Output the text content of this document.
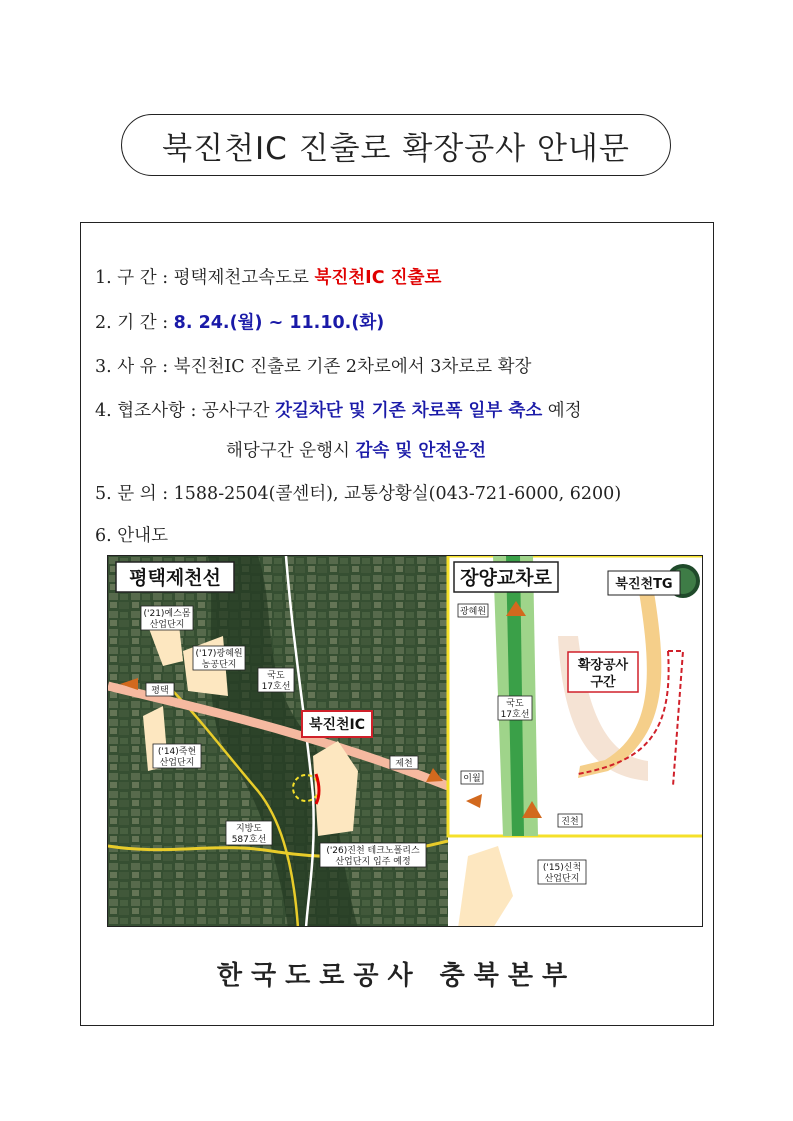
북진천IC 진출로 확장공사 안내문
1. 구 간 : 평택제천고속도로 북진천IC 진출로
2. 기 간 : 8. 24.(월) ~ 11.10.(화)
3. 사 유 : 북진천IC 진출로 기존 2차로에서 3차로로 확장
4. 협조사항 : 공사구간 갓길차단 및 기존 차로폭 일부 축소 예정
해당구간 운행시 감속 및 안전운전
5. 문 의 : 1588-2504(콜센터), 교통상황실(043-721-6000, 6200)
6. 안내도
평택제천선	장양교차로	북진천TG
확장공사
구간
북진천IC
('21)예스몸
산업단지
('17)광혜원
농공단지
('14)죽현
산업단지
국도
17호선
지방도
587호선
('26)진천 테크노폴리스
산업단지 입주 예정
('15)신척
산업단지
평택
제천
국도
17호선
광혜원
이월
진천
한국도로공사 충북본부
